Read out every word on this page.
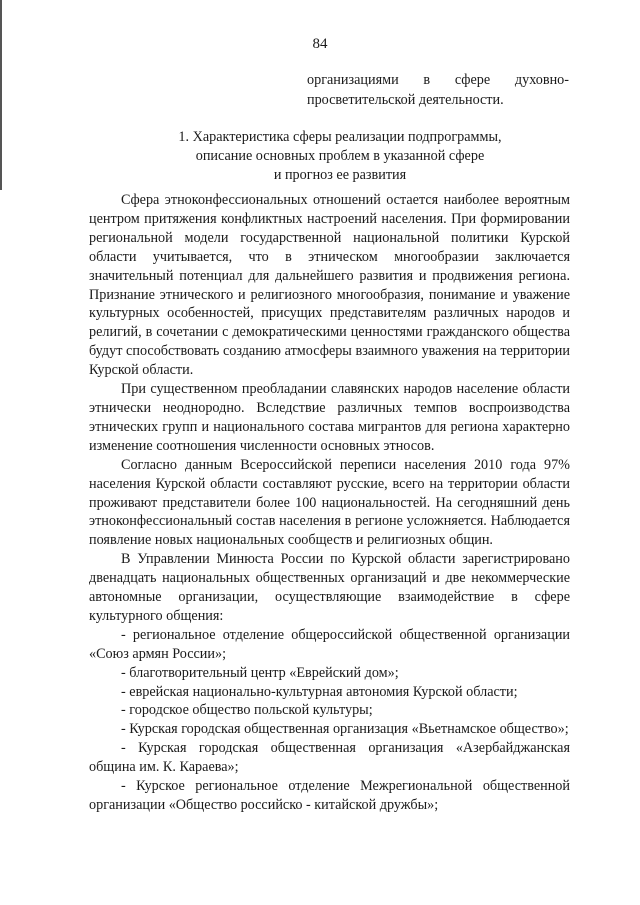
84
организациями в сфере духовно-
просветительской деятельности.
1. Характеристика сферы реализации подпрограммы,
описание основных проблем в указанной сфере
и прогноз ее развития

Сфера этноконфессиональных отношений остается наиболее вероятным центром притяжения конфликтных настроений населения. При формировании региональной модели государственной национальной политики Курской области учитывается, что в этническом многообразии заключается значительный потенциал для дальнейшего развития и продвижения региона. Признание этнического и религиозного многообразия, понимание и уважение культурных особенностей, присущих представителям различных народов и религий, в сочетании с демократическими ценностями гражданского общества будут способствовать созданию атмосферы взаимного уважения на территории Курской области.

При существенном преобладании славянских народов население области этнически неоднородно. Вследствие различных темпов воспроизводства этнических групп и национального состава мигрантов для региона характерно изменение соотношения численности основных этносов.

Согласно данным Всероссийской переписи населения 2010 года 97% населения Курской области составляют русские, всего на территории области проживают представители более 100 национальностей. На сегодняшний день этноконфессиональный состав населения в регионе усложняется. Наблюдается появление новых национальных сообществ и религиозных общин.

В Управлении Минюста России по Курской области зарегистрировано двенадцать национальных общественных организаций и две некоммерческие автономные организации, осуществляющие взаимодействие в сфере культурного общения:

- региональное отделение общероссийской общественной организации «Союз армян России»;

- благотворительный центр «Еврейский дом»;

- еврейская национально-культурная автономия Курской области;

- городское общество польской культуры;

- Курская городская общественная организация «Вьетнамское общество»;

- Курская городская общественная организация «Азербайджанская община им. К. Караева»;

- Курское региональное отделение Межрегиональной общественной организации «Общество российско - китайской дружбы»;
